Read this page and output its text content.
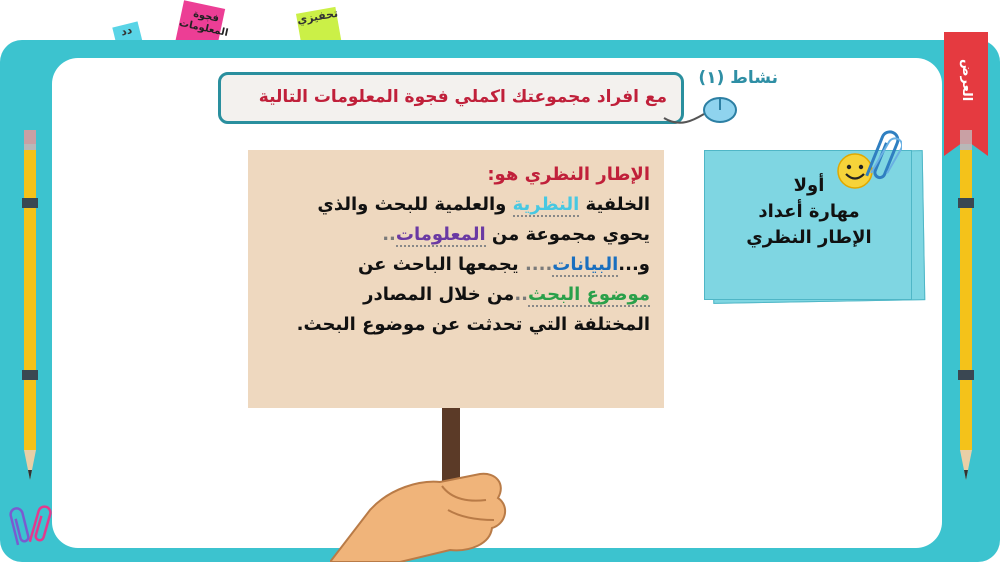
دد
فجوة المعلومات
تحفيزي
العرض
نشاط (١)
مع افراد مجموعتك اكملي فجوة المعلومات التالية
أولا
مهارة أعداد
الإطار النظري
الإطار النظري هو:
الخلفية النظرية والعلمية للبحث والذي
يحوي مجموعة من المعلومات..
و...البيانات.... يجمعها الباحث عن
موضوع البحث..من خلال المصادر
المختلفة التي تحدثت عن موضوع البحث.
